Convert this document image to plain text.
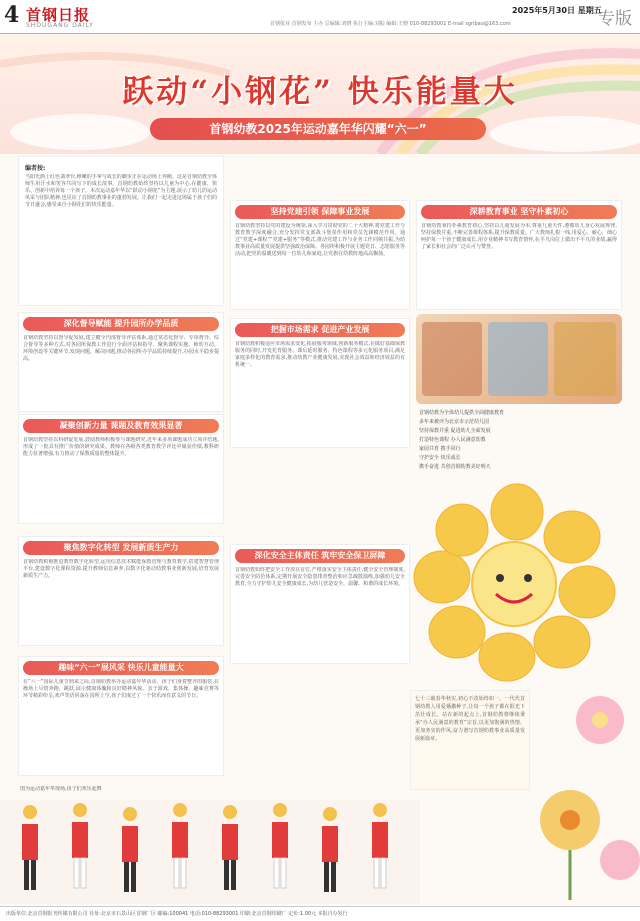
4 首钢日报
SHOUGANG DAILY	首钢报业 首钢发布 主办 总编辑:刘晓 执行主编:刘振 编辑:王晓 010-88293001 E-mail sgribao@163.com
2025年5月30日 星期五
专版
跃动“小钢花” 快乐能量大
首钢幼教2025年运动嘉年华闪耀“六一”
编者按:
当阳光洒上红色翡翠台,稚嫩的手掌与成长的脚步正在运动场上奔跑。这是首钢幼教全体师生用汗水和笑容共同写下的成长故事。首钢幼教始终坚持以儿童为中心,在健康、快乐、创新中培养每一个孩子。本次运动嘉年华以“跃动小钢花”为主题,展示了幼儿的运动风采与团队精神,也见证了首钢幼教事业的蓬勃发展。让我们一起走进这场属于孩子们的节日盛会,感受来自小钢花们的快乐能量。
坚持党建引领 保障事业发展
首钢幼教坚持以党的建设为统领,深入学习贯彻党的二十大精神,将党建工作与教育教学深度融合,充分发挥党支部战斗堡垒作用和党员先锋模范作用。通过“党建+课程”“党建+服务”等模式,推动党建工作与业务工作同频共振,为幼教事业高质量发展提供坚强政治保障。各园所积极开展主题党日、志愿服务等活动,把党的温暖送到每一位幼儿和家庭,让党旗在幼教阵地高高飘扬。
深耕教育事业 坚守朴素初心
首钢幼教秉持朴素教育初心,坚持以儿童发展为本,尊重儿童天性,遵循幼儿身心发展规律,坚持保教并重,不断完善课程体系,提升保教质量。广大教师扎根一线,用爱心、耐心、细心呵护每一个孩子健康成长,用专业精神书写教育情怀,在平凡岗位上做出不平凡的业绩,赢得了家长和社会的广泛认可与赞誉。
深化督导赋能 提升园所办学品质
首钢幼教坚持以督导促发展,建立健全内部督导评估体系,通过常态化督导、专项督导、综合督导等多种方式,对各园所保教工作进行全面评估和指导。聚焦课程实施、师幼互动、环境创设等关键环节,发现问题、解决问题,推动各园所办学品质持续提升,办园水平稳步提高。
首钢幼教为全体幼儿提供全面健康教育
多年来被评为北京市示范幼儿园
坚持保教并重 促进幼儿全面发展
打造特色课程 办人民满意幼教
家园共育 携手同行
守护安全 快乐成长
携手奋进 共创首钢幼教美好明天
把握市场需求 促进产业发展
首钢幼教积极适应市场需求变化,拓展服务领域,创新服务模式,在做好基础保教服务的同时,开发托育服务、课后延时服务、特色课程等多元化服务项目,满足家庭多样化的教育需求,推动幼教产业健康发展,实现社会效益和经济效益的有机统一。
凝聚创新力量 课题及教育效果显著
首钢幼教坚持以科研促发展,鼓励教师积极参与课题研究,近年来多项课题成功立项并结题,形成了一批具有推广价值的研究成果。教师在各级各类教育教学评比中屡获佳绩,教科研能力显著增强,有力推动了保教质量的整体提升。
深化安全主体责任 筑牢安全保卫屏障
首钢幼教始终把安全工作放在首位,严格落实安全主体责任,健全安全管理制度,完善安全防范体系,定期开展安全隐患排查整治和应急疏散演练,加强幼儿安全教育,全力守护幼儿安全健康成长,为幼儿营造安全、温馨、和谐的成长环境。
聚焦数字化转型 发展新质生产力
首钢幼教积极推进教育数字化转型,运用信息技术赋能保教管理与教育教学,搭建智慧管理平台,建设数字化课程资源,提升教师信息素养,以数字化驱动幼教事业创新发展,培育发展新质生产力。
趣味“六一”展风采 快乐儿童能量大
在“六一”国际儿童节到来之际,首钢幼教举办运动嘉年华活动。孩子们身着整齐的服装,在操场上尽情奔跑、跳跃,展示健康体魄和良好精神风貌。亲子游戏、集体操、趣味竞赛等环节精彩纷呈,欢声笑语回荡在园所上空,孩子们度过了一个快乐而有意义的节日。	七十三载春华秋实,初心不改始终如一。一代代首钢幼教人用爱播撒种子,让每一个孩子都在阳光下茁壮成长。站在新的起点上,首钢幼教将继续秉承“办人民满意的教育”宗旨,以更加饱满的热情、更加务实的作风,奋力谱写首钢幼教事业高质量发展新篇章。
图为运动嘉年华现场,孩子们欢乐起舞
出版单位:北京首钢报刊传媒有限公司 社址:北京市石景山区首钢厂区 邮编:100041 电话:010-88293001 印刷:北京首钢印刷厂 定价:1.00元 本报自办发行
